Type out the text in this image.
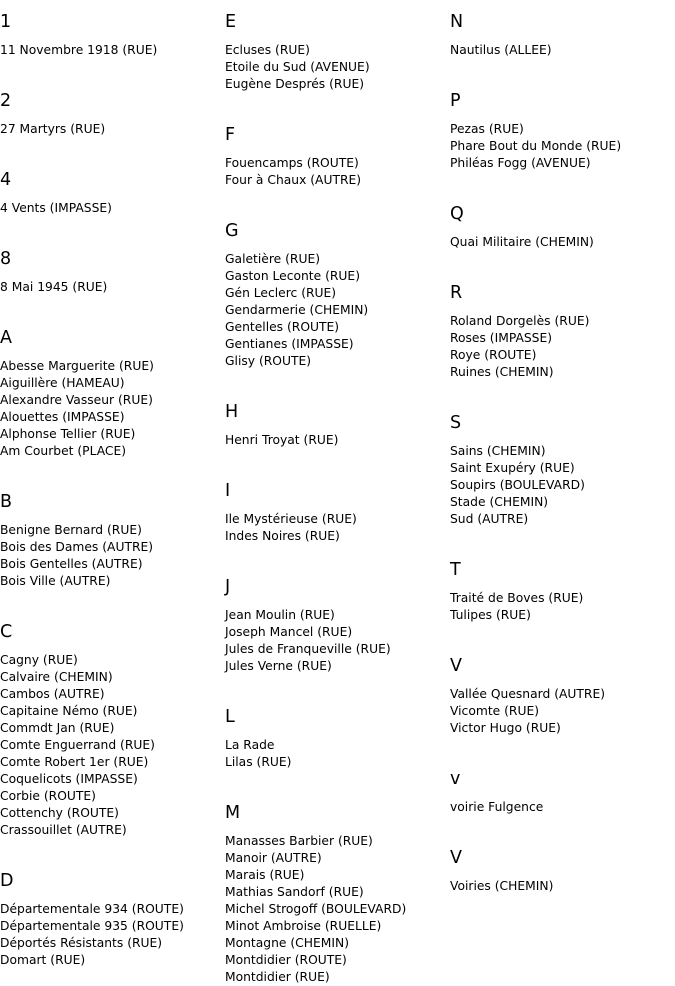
1
11 Novembre 1918 (RUE)
2
27 Martyrs (RUE)
4
4 Vents (IMPASSE)
8
8 Mai 1945 (RUE)
A
Abesse Marguerite (RUE)
Aiguillère (HAMEAU)
Alexandre Vasseur (RUE)
Alouettes (IMPASSE)
Alphonse Tellier (RUE)
Am Courbet (PLACE)
B
Benigne Bernard (RUE)
Bois des Dames (AUTRE)
Bois Gentelles (AUTRE)
Bois Ville (AUTRE)
C
Cagny (RUE)
Calvaire (CHEMIN)
Cambos (AUTRE)
Capitaine Némo (RUE)
Commdt Jan (RUE)
Comte Enguerrand (RUE)
Comte Robert 1er (RUE)
Coquelicots (IMPASSE)
Corbie (ROUTE)
Cottenchy (ROUTE)
Crassouillet (AUTRE)
D
Départementale 934 (ROUTE)
Départementale 935 (ROUTE)
Déportés Résistants (RUE)
Domart (RUE)
E
Ecluses (RUE)
Etoile du Sud (AVENUE)
Eugène Després (RUE)
F
Fouencamps (ROUTE)
Four à Chaux (AUTRE)
G
Galetière (RUE)
Gaston Leconte (RUE)
Gén Leclerc (RUE)
Gendarmerie (CHEMIN)
Gentelles (ROUTE)
Gentianes (IMPASSE)
Glisy (ROUTE)
H
Henri Troyat (RUE)
I
Ile Mystérieuse (RUE)
Indes Noires (RUE)
J
Jean Moulin (RUE)
Joseph Mancel (RUE)
Jules de Franqueville (RUE)
Jules Verne (RUE)
L
La Rade
Lilas (RUE)
M
Manasses Barbier (RUE)
Manoir (AUTRE)
Marais (RUE)
Mathias Sandorf (RUE)
Michel Strogoff (BOULEVARD)
Minot Ambroise (RUELLE)
Montagne (CHEMIN)
Montdidier (ROUTE)
Montdidier (RUE)
N
Nautilus (ALLEE)
P
Pezas (RUE)
Phare Bout du Monde (RUE)
Philéas Fogg (AVENUE)
Q
Quai Militaire (CHEMIN)
R
Roland Dorgelès (RUE)
Roses (IMPASSE)
Roye (ROUTE)
Ruines (CHEMIN)
S
Sains (CHEMIN)
Saint Exupéry (RUE)
Soupirs (BOULEVARD)
Stade (CHEMIN)
Sud (AUTRE)
T
Traité de Boves (RUE)
Tulipes (RUE)
V
Vallée Quesnard (AUTRE)
Vicomte (RUE)
Victor Hugo (RUE)
v
voirie Fulgence
V
Voiries (CHEMIN)
